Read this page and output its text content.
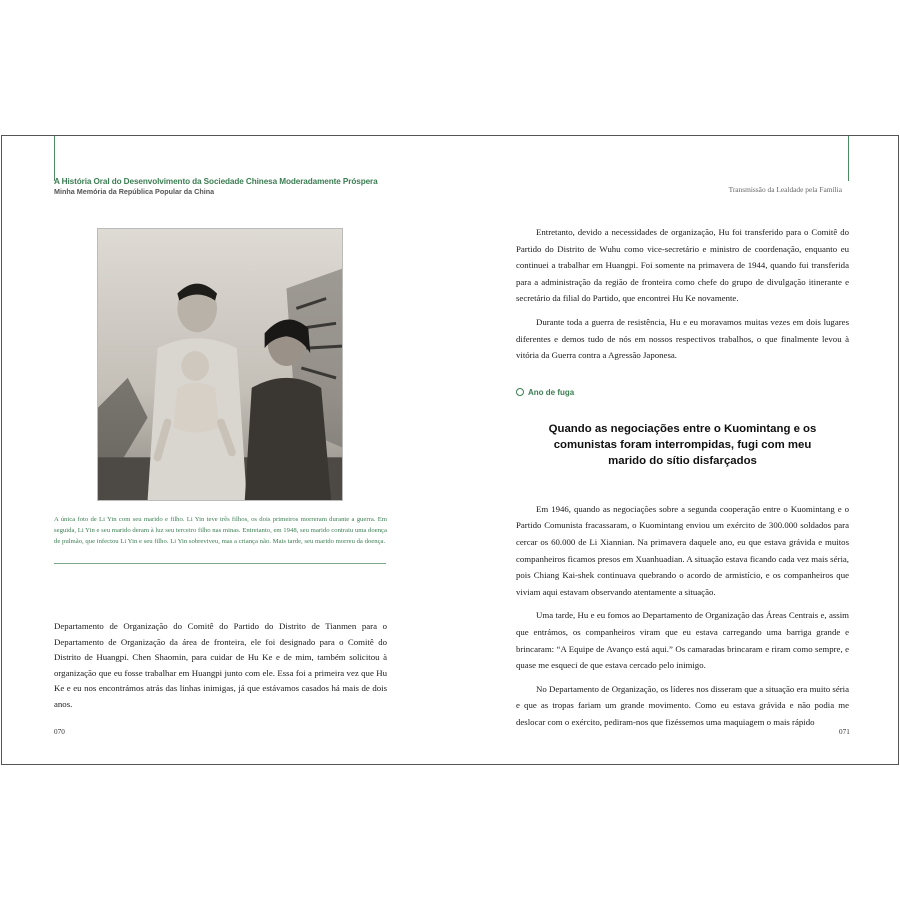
A História Oral do Desenvolvimento da Sociedade Chinesa Moderadamente Próspera
Minha Memória da República Popular da China	Transmissão da Lealdade pela Família
A única foto de Li Yin com seu marido e filho. Li Yin teve três filhos, os dois primeiros morreram durante a guerra. Em seguida, Li Yin e seu marido deram à luz seu terceiro filho nas minas. Entretanto, em 1948, seu marido contraiu uma doença de pulmão, que infectou Li Yin e seu filho. Li Yin sobreviveu, mas a criança não. Mais tarde, seu marido morreu da doença.
Departamento de Organização do Comitê do Partido do Distrito de Tianmen para o Departamento de Organização da área de fronteira, ele foi designado para o Comitê do Distrito de Huangpi. Chen Shaomin, para cuidar de Hu Ke e de mim, também solicitou à organização que eu fosse trabalhar em Huangpi junto com ele. Essa foi a primeira vez que Hu Ke e eu nos encontrámos atrás das linhas inimigas, já que estávamos casados há mais de dois anos.
070

Entretanto, devido a necessidades de organização, Hu foi transferido para o Comitê do Partido do Distrito de Wuhu como vice-secretário e ministro de coordenação, enquanto eu continuei a trabalhar em Huangpi. Foi somente na primavera de 1944, quando fui transferida para a administração da região de fronteira como chefe do grupo de divulgação itinerante e secretário da filial do Partido, que encontrei Hu Ke novamente.

Durante toda a guerra de resistência, Hu e eu moravamos muitas vezes em dois lugares diferentes e demos tudo de nós em nossos respectivos trabalhos, o que finalmente levou à vitória da Guerra contra a Agressão Japonesa.

Ano de fuga
Quando as negociações entre o Kuomintang e os comunistas foram interrompidas, fugi com meu marido do sítio disfarçados

Em 1946, quando as negociações sobre a segunda cooperação entre o Kuomintang e o Partido Comunista fracassaram, o Kuomintang enviou um exército de 300.000 soldados para cercar os 60.000 de Li Xiannian. Na primavera daquele ano, eu que estava grávida e muitos companheiros ficamos presos em Xuanhuadian. A situação estava ficando cada vez mais séria, pois Chiang Kai-shek continuava quebrando o acordo de armistício, e os companheiros que viviam aqui estavam observando atentamente a situação.

Uma tarde, Hu e eu fomos ao Departamento de Organização das Áreas Centrais e, assim que entrámos, os companheiros viram que eu estava carregando uma barriga grande e brincaram: “A Equipe de Avanço está aqui.” Os camaradas brincaram e riram como sempre, e quase me esqueci de que estava cercado pelo inimigo.

No Departamento de Organização, os líderes nos disseram que a situação era muito séria e que as tropas fariam um grande movimento. Como eu estava grávida e não podia me deslocar com o exército, pediram-nos que fizéssemos uma maquiagem o mais rápido

071
